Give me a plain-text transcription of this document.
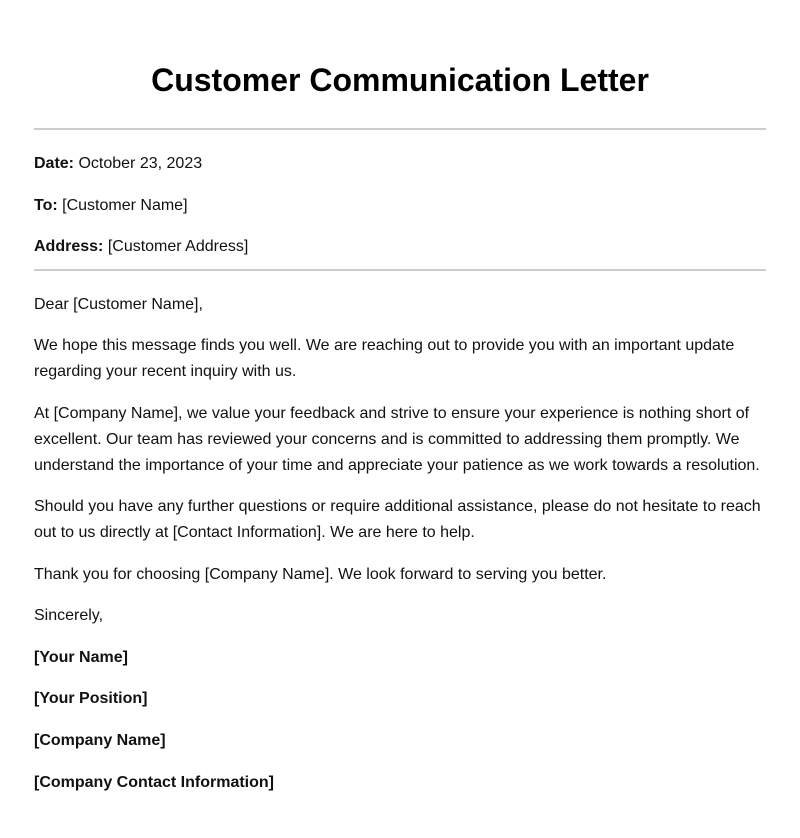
Customer Communication Letter

Date: October 23, 2023

To: [Customer Name]

Address: [Customer Address]

Dear [Customer Name],

We hope this message finds you well. We are reaching out to provide you with an important update regarding your recent inquiry with us.

At [Company Name], we value your feedback and strive to ensure your experience is nothing short of excellent. Our team has reviewed your concerns and is committed to addressing them promptly. We understand the importance of your time and appreciate your patience as we work towards a resolution.

Should you have any further questions or require additional assistance, please do not hesitate to reach out to us directly at [Contact Information]. We are here to help.

Thank you for choosing [Company Name]. We look forward to serving you better.

Sincerely,

[Your Name]

[Your Position]

[Company Name]

[Company Contact Information]
